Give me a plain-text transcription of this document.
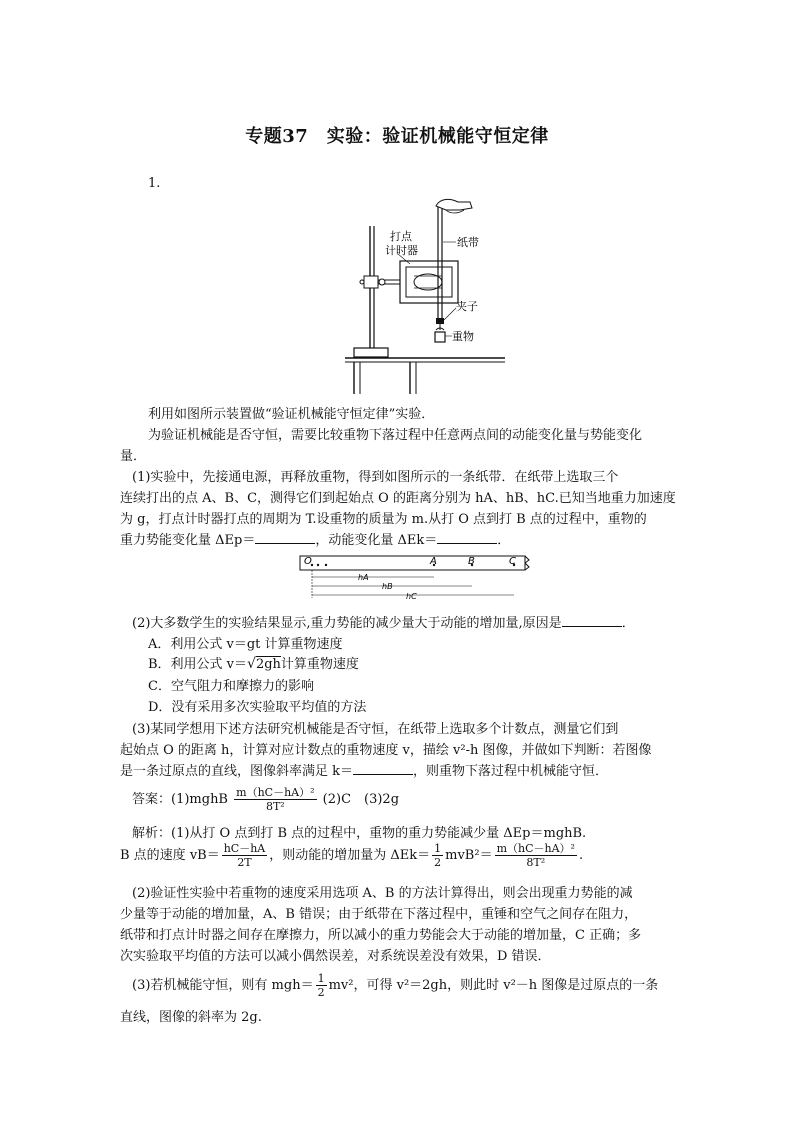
专题37　实验：验证机械能守恒定律
1.
打点
计时器
纸带
夹子
重物
利用如图所示装置做“验证机械能守恒定律”实验．
为验证机械能是否守恒，需要比较重物下落过程中任意两点间的动能变化量与势能变化
量．
(1)实验中，先接通电源，再释放重物，得到如图所示的一条纸带．在纸带上选取三个
连续打出的点 A、B、C，测得它们到起始点 O 的距离分别为 hA、hB、hC.已知当地重力加速度
为 g，打点计时器打点的周期为 T.设重物的质量为 m.从打 O 点到打 B 点的过程中，重物的
重力势能变化量 ΔEp＝	，动能变化量 ΔEk＝	．
O	A	B	C
hA
hB
hC
(2)大多数学生的实验结果显示,重力势能的减少量大于动能的增加量,原因是	．
A．利用公式 v＝gt 计算重物速度
B．利用公式 v＝√2gh计算重物速度
C．空气阻力和摩擦力的影响
D．没有采用多次实验取平均值的方法
(3)某同学想用下述方法研究机械能是否守恒，在纸带上选取多个计数点，测量它们到
起始点 O 的距离 h，计算对应计数点的重物速度 v，描绘 v²-h 图像，并做如下判断：若图像
是一条过原点的直线，图像斜率满足 k＝	，则重物下落过程中机械能守恒．
答案：(1)mghB $\frac{\text{m（hC－hA）²}}{\text{8T²}} (2)C$　(3)2g
解析：(1)从打 O 点到打 B 点的过程中，重物的重力势能减少量 ΔEp＝mghB.
B 点的速度 $vB= \frac{hC-hA}{2T}$ ，则动能的增加量为 $\Delta Ek= \frac{1}{2} mvB^2= \frac{\text{m（hC－hA）²}}{\text{8T²}}$ .
(2)验证性实验中若重物的速度采用选项 A、B 的方法计算得出，则会出现重力势能的减
少量等于动能的增加量，A、B 错误；由于纸带在下落过程中，重锤和空气之间存在阻力，
纸带和打点计时器之间存在摩擦力，所以减小的重力势能会大于动能的增加量，C 正确；多
次实验取平均值的方法可以减小偶然误差，对系统误差没有效果，D 错误．
(3)若机械能守恒，则有 $mgh= \frac{1}{2} mv^2$，可得 v²＝2gh，则此时 v²－h 图像是过原点的一条
直线，图像的斜率为 2g.
